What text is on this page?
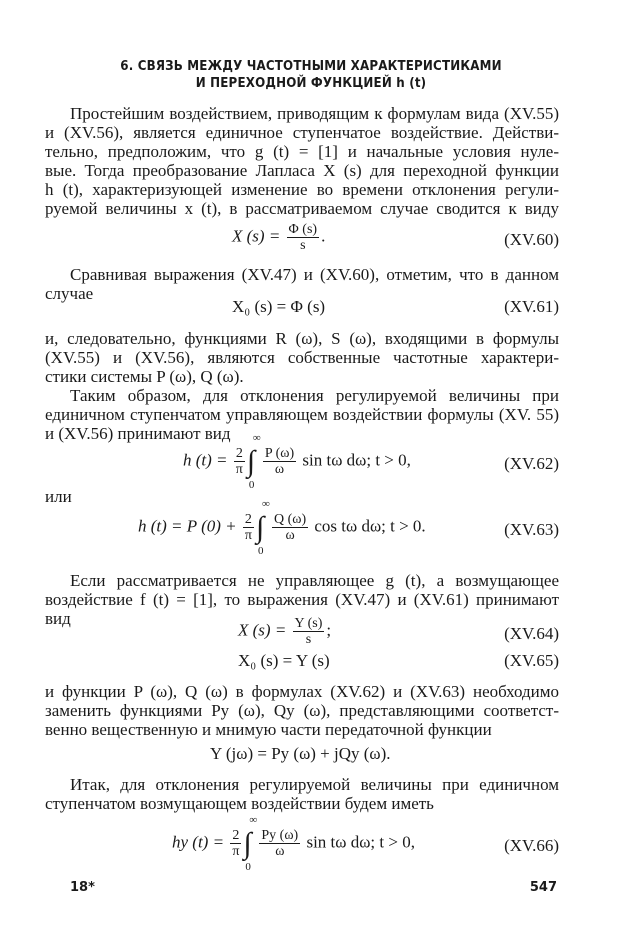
6. СВЯЗЬ МЕЖДУ ЧАСТОТНЫМИ ХАРАКТЕРИСТИКАМИ
И ПЕРЕХОДНОЙ ФУНКЦИЕЙ h (t)
Простейшим воздействием, приводящим к формулам вида (XV.55)
и (XV.56), является единичное ступенчатое воздействие. Действи-
тельно, предположим, что g (t) = [1] и начальные условия нуле-
вые. Тогда преобразование Лапласа X (s) для переходной функции
h (t), характеризующей изменение во времени отклонения регули-
руемой величины x (t), в рассматриваемом случае сводится к виду
X $(s) = \frac{\Phi (s)}{s}$ .	(XV.60)
Сравнивая выражения (XV.47) и (XV.60), отметим, что в данном
случае
X₀ (s) = Φ (s)	(XV.61)
и, следовательно, функциями R (ω), S (ω), входящими в формулы
(XV.55) и (XV.56), являются собственные частотные характери-
стики системы P (ω), Q (ω).
Таким образом, для отклонения регулируемой величины при
единичном ступенчатом управляющем воздействии формулы (XV. 55)
и (XV.56) принимают вид
h $(t) = \frac{2}{\pi}$ ∫
∞
0
$\frac{P (\omega)}{\omega}$ sin tω dω; t > 0,	(XV.62)
или
h (t) = P $(0) + \frac{2}{\pi}$ ∫
∞
0
$\frac{Q (\omega)}{\omega}$ cos tω dω; t > 0.	(XV.63)
Если рассматривается не управляющее g (t), а возмущающее
воздействие f (t) = [1], то выражения (XV.47) и (XV.61) принимают
вид
X $(s) = \frac{Y (s)}{s}$ ;	(XV.64)
X₀ (s) = Y (s)	(XV.65)
и функции P (ω), Q (ω) в формулах (XV.62) и (XV.63) необходимо
заменить функциями Py (ω), Qy (ω), представляющими соответст-
венно вещественную и мнимую части передаточной функции
Y (jω) = Py (ω) + jQy (ω).
Итак, для отклонения регулируемой величины при единичном
ступенчатом возмущающем воздействии будем иметь
hy $(t) = \frac{2}{\pi}$ ∫
∞
0
$\frac{Py (\omega)}{\omega}$ sin tω dω; t > 0,	(XV.66)
18*	547
